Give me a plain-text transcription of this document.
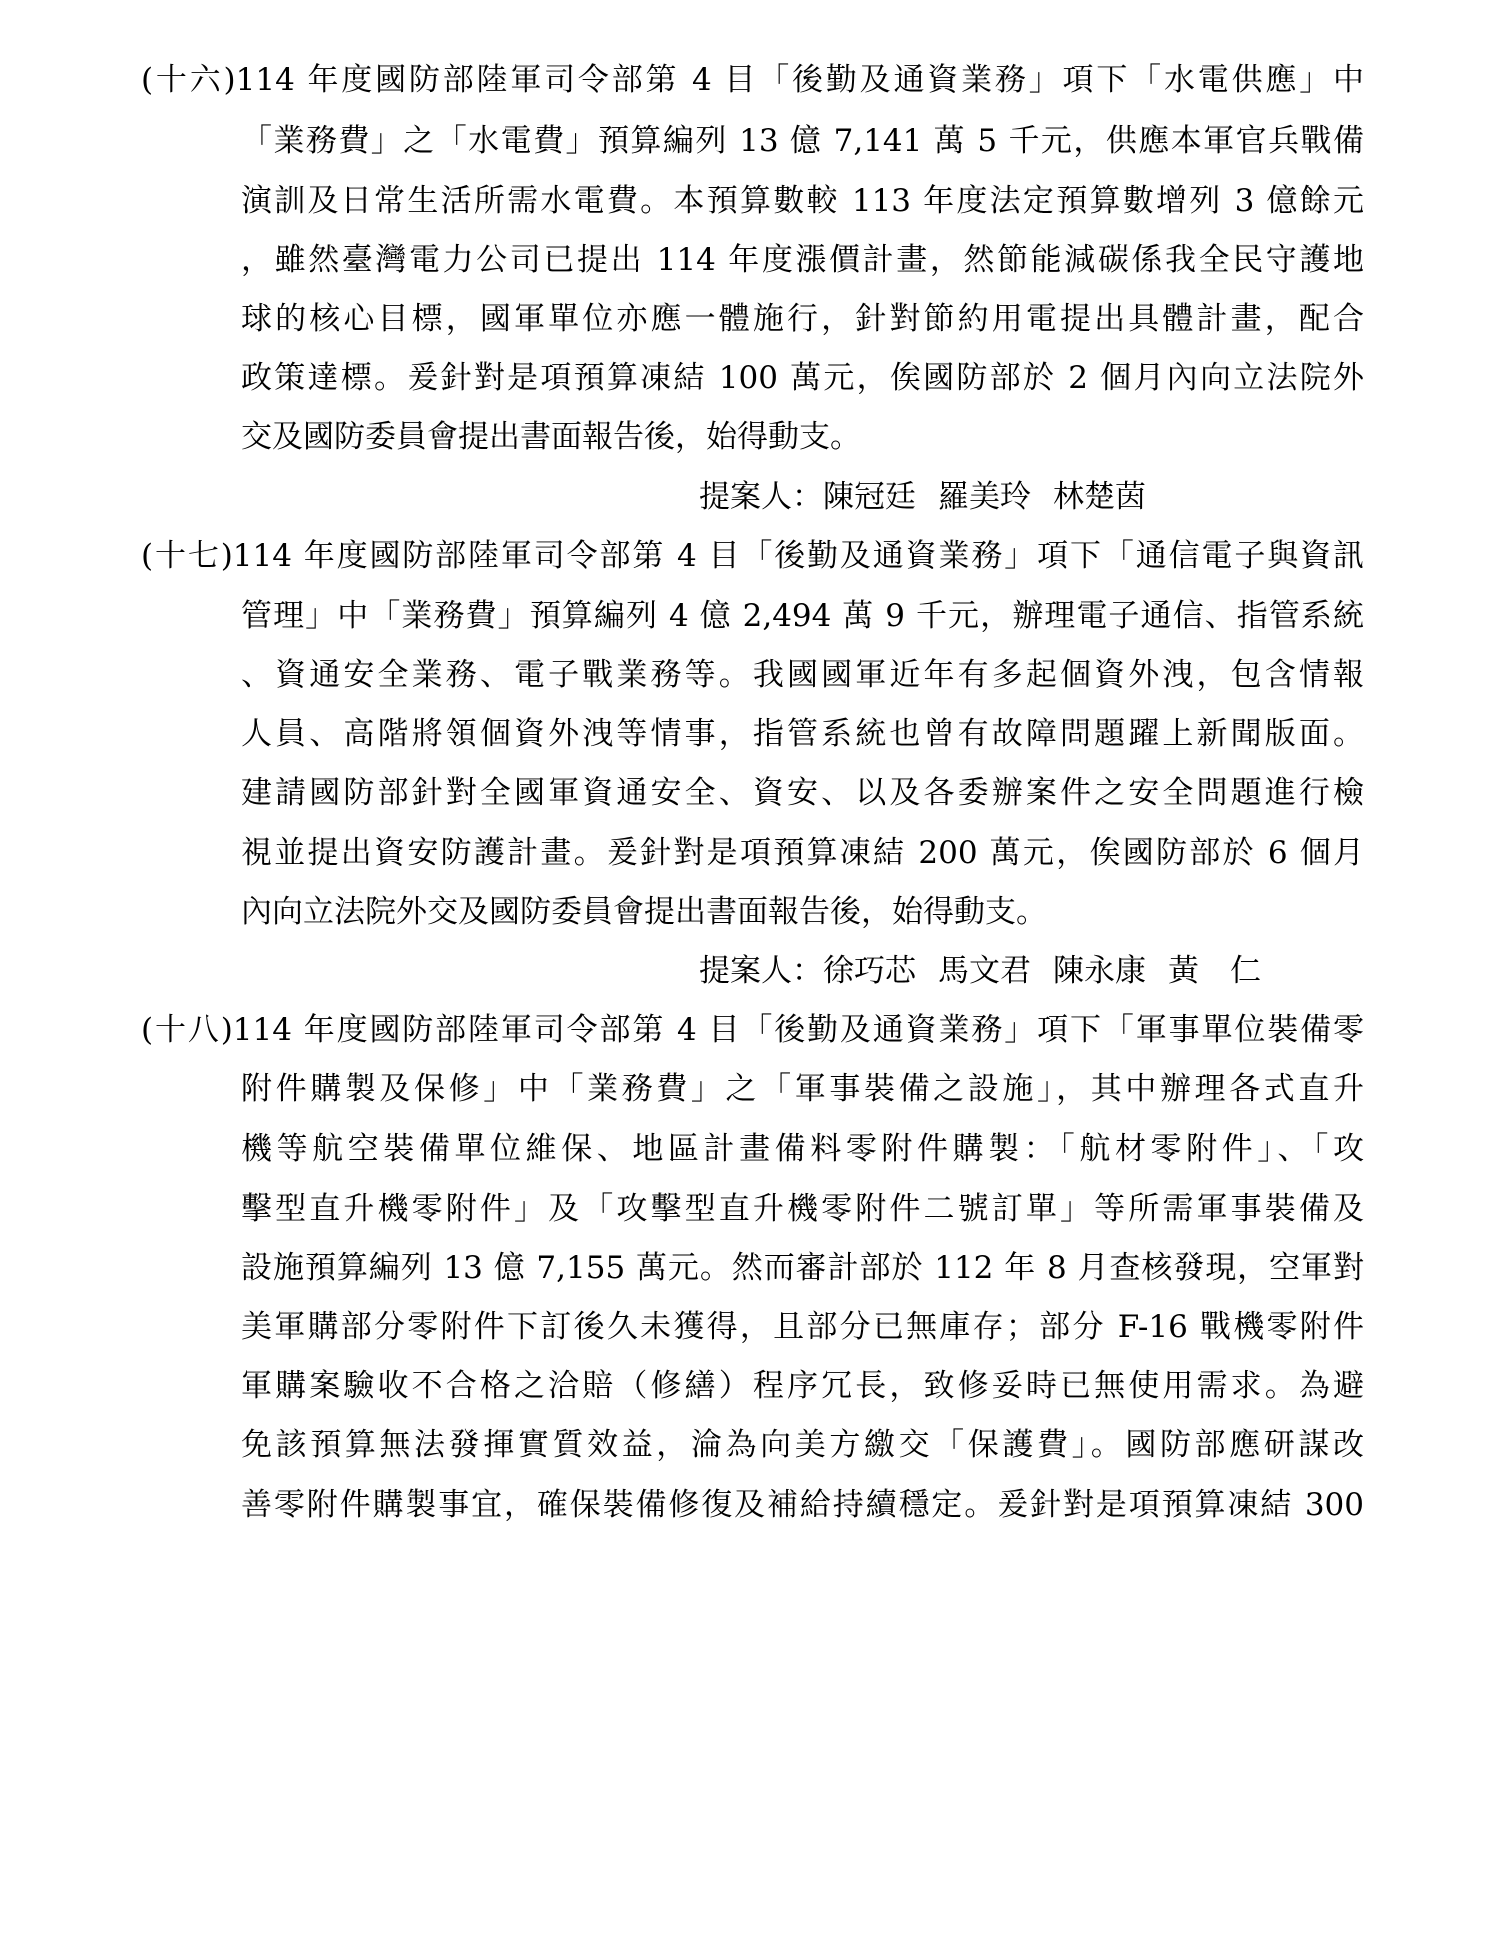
(十六)114 年度國防部陸軍司令部第 4 目「後勤及通資業務」項下「水電供應」中

「業務費」之「水電費」預算編列 13 億 7,141 萬 5 千元，供應本軍官兵戰備

演訓及日常生活所需水電費。本預算數較 113 年度法定預算數增列 3 億餘元

，雖然臺灣電力公司已提出 114 年度漲價計畫，然節能減碳係我全民守護地

球的核心目標，國軍單位亦應一體施行，針對節約用電提出具體計畫，配合

政策達標。爰針對是項預算凍結 100 萬元，俟國防部於 2 個月內向立法院外

交及國防委員會提出書面報告後，始得動支。

提案人：陳冠廷 羅美玲 林楚茵

(十七)114 年度國防部陸軍司令部第 4 目「後勤及通資業務」項下「通信電子與資訊

管理」中「業務費」預算編列 4 億 2,494 萬 9 千元，辦理電子通信、指管系統

、資通安全業務、電子戰業務等。我國國軍近年有多起個資外洩，包含情報

人員、高階將領個資外洩等情事，指管系統也曾有故障問題躍上新聞版面。

建請國防部針對全國軍資通安全、資安、以及各委辦案件之安全問題進行檢

視並提出資安防護計畫。爰針對是項預算凍結 200 萬元，俟國防部於 6 個月

內向立法院外交及國防委員會提出書面報告後，始得動支。

提案人：徐巧芯 馬文君 陳永康 黃　仁

(十八)114 年度國防部陸軍司令部第 4 目「後勤及通資業務」項下「軍事單位裝備零

附件購製及保修」中「業務費」之「軍事裝備之設施」，其中辦理各式直升

機等航空裝備單位維保、地區計畫備料零附件購製：「航材零附件」、「攻

擊型直升機零附件」及「攻擊型直升機零附件二號訂單」等所需軍事裝備及

設施預算編列 13 億 7,155 萬元。然而審計部於 112 年 8 月查核發現，空軍對

美軍購部分零附件下訂後久未獲得，且部分已無庫存；部分 F-16 戰機零附件

軍購案驗收不合格之洽賠（修繕）程序冗長，致修妥時已無使用需求。為避

免該預算無法發揮實質效益，淪為向美方繳交「保護費」。國防部應研謀改

善零附件購製事宜，確保裝備修復及補給持續穩定。爰針對是項預算凍結 300
